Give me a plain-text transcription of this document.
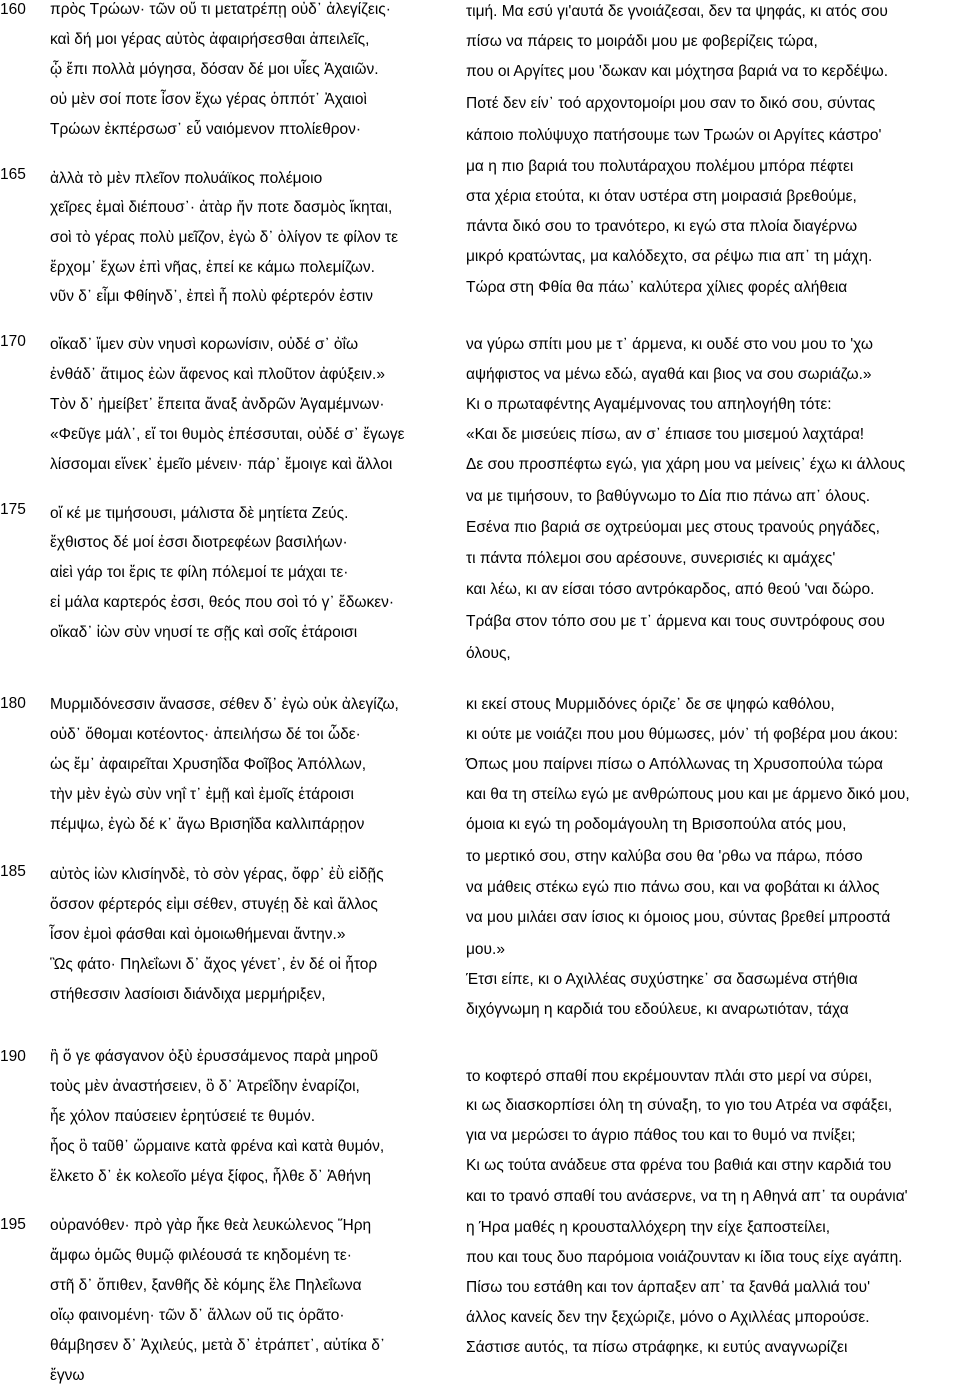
160
165
πρὸς Τρώων· τῶν οὔ τι μετατρέπῃ οὐδ᾽ ἀλεγίζεις·
καὶ δή μοι γέρας αὐτὸς ἀφαιρήσεσθαι ἀπειλεῖς,
ᾧ ἔπι πολλὰ μόγησα, δόσαν δέ μοι υἷες Ἀχαιῶν.
οὐ μὲν σοί ποτε ἶσον ἔχω γέρας ὁππότ᾽ Ἀχαιοὶ
Τρώων ἐκπέρσωσ᾽ εὖ ναιόμενον πτολίεθρον·
ἀλλὰ τὸ μὲν πλεῖον πολυάϊκος πολέμοιο
χεῖρες ἐμαὶ διέπουσ᾽· ἀτὰρ ἤν ποτε δασμὸς ἵκηται,
σοὶ τὸ γέρας πολὺ μεῖζον, ἐγὼ δ᾽ ὀλίγον τε φίλον τε
ἔρχομ᾽ ἔχων ἐπὶ νῆας, ἐπεί κε κάμω πολεμίζων.
νῦν δ᾽ εἶμι Φθίηνδ᾽, ἐπεὶ ἦ πολὺ φέρτερόν ἐστιν
τιμή. Μα εσύ γι'αυτά δε γνοιάζεσαι, δεν τα ψηφάς, κι ατός σου
πίσω να πάρεις το μοιράδι μου με φοβερίζεις τώρα,
που οι Αργίτες μου 'δωκαν και μόχτησα βαριά να το κερδέψω.
Ποτέ δεν είν᾽ τοό αρχοντομοίρι μου σαν το δικό σου, σύντας
κάποιο πολύψυχο πατήσουμε των Τρωών οι Αργίτες κάστρο'
μα η πιο βαριά του πολυτάραχου πολέμου μπόρα πέφτει
στα χέρια ετούτα, κι όταν υστέρα στη μοιρασιά βρεθούμε,
πάντα δικό σου το τρανότερο, κι εγώ στα πλοία διαγέρνω
μικρό κρατώντας, μα καλόδεχτο, σα ρέψω πια απ᾽ τη μάχη.
Τώρα στη Φθία θα πάω᾽ καλύτερα χίλιες φορές αλήθεια
170
175
οἴκαδ᾽ ἴμεν σὺν νηυσὶ κορωνίσιν, οὐδέ σ᾽ ὀΐω
ἐνθάδ᾽ ἄτιμος ἐὼν ἄφενος καὶ πλοῦτον ἀφύξειν.»
Τὸν δ᾽ ἠμείβετ᾽ ἔπειτα ἄναξ ἀνδρῶν Ἀγαμέμνων·
«Φεῦγε μάλ᾽, εἴ τοι θυμὸς ἐπέσσυται, οὐδέ σ᾽ ἔγωγε
λίσσομαι εἵνεκ᾽ ἐμεῖο μένειν· πάρ᾽ ἔμοιγε καὶ ἄλλοι
οἵ κέ με τιμήσουσι, μάλιστα δὲ μητίετα Ζεύς.
ἔχθιστος δέ μοί ἐσσι διοτρεφέων βασιλήων·
αἰεὶ γάρ τοι ἔρις τε φίλη πόλεμοί τε μάχαι τε·
εἰ μάλα καρτερός ἐσσι, θεός που σοὶ τό γ᾽ ἔδωκεν·
οἴκαδ᾽ ἰὼν σὺν νηυσί τε σῇς καὶ σοῖς ἑτάροισι
να γύρω σπίτι μου με τ᾽ άρμενα, κι ουδέ στο νου μου το 'χω
αψήφιστος να μένω εδώ, αγαθά και βιος να σου σωριάζω.»
Κι ο πρωταφέντης Αγαμέμνονας του απηλογήθη τότε:
«Και δε μισεύεις πίσω, αν σ᾽ έπιασε του μισεμού λαχτάρα!
Δε σου προσπέφτω εγώ, για χάρη μου να μείνεις᾽ έχω κι άλλους
να με τιμήσουν, το βαθύγνωμο το Δία πιο πάνω απ᾽ όλους.
Εσένα πιο βαριά σε οχτρεύομαι μες στους τρανούς ρηγάδες,
τι πάντα πόλεμοι σου αρέσουνε, συνερισιές κι αμάχες'
και λέω, κι αν είσαι τόσο αντρόκαρδος, από θεού 'ναι δώρο.
Τράβα στον τόπο σου με τ᾽ άρμενα και τους συντρόφους σου
όλους,
180
185
Μυρμιδόνεσσιν ἄνασσε, σέθεν δ᾽ ἐγὼ οὐκ ἀλεγίζω,
οὐδ᾽ ὄθομαι κοτέοντος· ἀπειλήσω δέ τοι ὧδε·
ὡς ἔμ᾽ ἀφαιρεῖται Χρυσηΐδα Φοῖβος Ἀπόλλων,
τὴν μὲν ἐγὼ σὺν νηΐ τ᾽ ἐμῇ καὶ ἐμοῖς ἑτάροισι
πέμψω, ἐγὼ δέ κ᾽ ἄγω Βρισηΐδα καλλιπάρῃον
αὐτὸς ἰὼν κλισίηνδὲ, τὸ σὸν γέρας, ὄφρ᾽ ἐῢ εἰδῇς
ὅσσον φέρτερός εἰμι σέθεν, στυγέῃ δὲ καὶ ἄλλος
ἶσον ἐμοὶ φάσθαι καὶ ὁμοιωθήμεναι ἄντην.»
Ὣς φάτο· Πηλεΐωνι δ᾽ ἄχος γένετ᾽, ἐν δέ οἱ ἦτορ
στήθεσσιν λασίοισι διάνδιχα μερμήριξεν,
κι εκεί στους Μυρμιδόνες όριζε᾽ δε σε ψηφώ καθόλου,
κι ούτε με νοιάζει που μου θύμωσες, μόν᾽ τή φοβέρα μου άκου:
Όπως μου παίρνει πίσω ο Απόλλωνας τη Χρυσοπούλα τώρα
και θα τη στείλω εγώ με ανθρώπους μου και με άρμενο δικό μου,
όμοια κι εγώ τη ροδομάγουλη τη Βρισοπούλα ατός μου,
το μερτικό σου, στην καλύβα σου θα 'ρθω να πάρω, πόσο
να μάθεις στέκω εγώ πιο πάνω σου, και να φοβάται κι άλλος
να μου μιλάει σαν ίσιος κι όμοιος μου, σύντας βρεθεί μπροστά
μου.»
Έτσι είπε, κι ο Αχιλλέας συχύστηκε᾽ σα δασωμένα στήθια
διχόγνωμη η καρδιά του εδούλευε, κι αναρωτιόταν, τάχα
190
195
ἢ ὅ γε φάσγανον ὀξὺ ἐρυσσάμενος παρὰ μηροῦ
τοὺς μὲν ἀναστήσειεν, ὃ δ᾽ Ἀτρεΐδην ἐναρίζοι,
ἦε χόλον παύσειεν ἐρητύσειέ τε θυμόν.
ἧος ὃ ταῦθ᾽ ὥρμαινε κατὰ φρένα καὶ κατὰ θυμόν,
ἕλκετο δ᾽ ἐκ κολεοῖο μέγα ξίφος, ἦλθε δ᾽ Ἀθήνη
οὐρανόθεν· πρὸ γὰρ ἧκε θεὰ λευκώλενος Ἥρη
ἄμφω ὁμῶς θυμῷ φιλέουσά τε κηδομένη τε·
στῆ δ᾽ ὄπιθεν, ξανθῆς δὲ κόμης ἕλε Πηλεΐωνα
οἴῳ φαινομένη· τῶν δ᾽ ἄλλων οὔ τις ὁρᾶτο·
θάμβησεν δ᾽ Ἀχιλεύς, μετὰ δ᾽ ἐτράπετ᾽, αὐτίκα δ᾽
ἔγνω
το κοφτερό σπαθί που εκρέμουνταν πλάι στο μερί να σύρει,
κι ως διασκορπίσει όλη τη σύναξη, το γιο του Ατρέα να σφάξει,
για να μερώσει το άγριο πάθος του και το θυμό να πνίξει;
Κι ως τούτα ανάδευε στα φρένα του βαθιά και στην καρδιά του
και το τρανό σπαθί του ανάσερνε, να τη η Αθηνά απ᾽ τα ουράνια'
η Ήρα μαθές η κρουσταλλόχερη την είχε ξαποστείλει,
που και τους δυο παρόμοια νοιάζουνταν κι ίδια τους είχε αγάπη.
Πίσω του εστάθη και τον άρπαξεν απ᾽ τα ξανθά μαλλιά του'
άλλος κανείς δεν την ξεχώριζε, μόνο ο Αχιλλέας μπορούσε.
Σάστισε αυτός, τα πίσω στράφηκε, κι ευτύς αναγνωρίζει
